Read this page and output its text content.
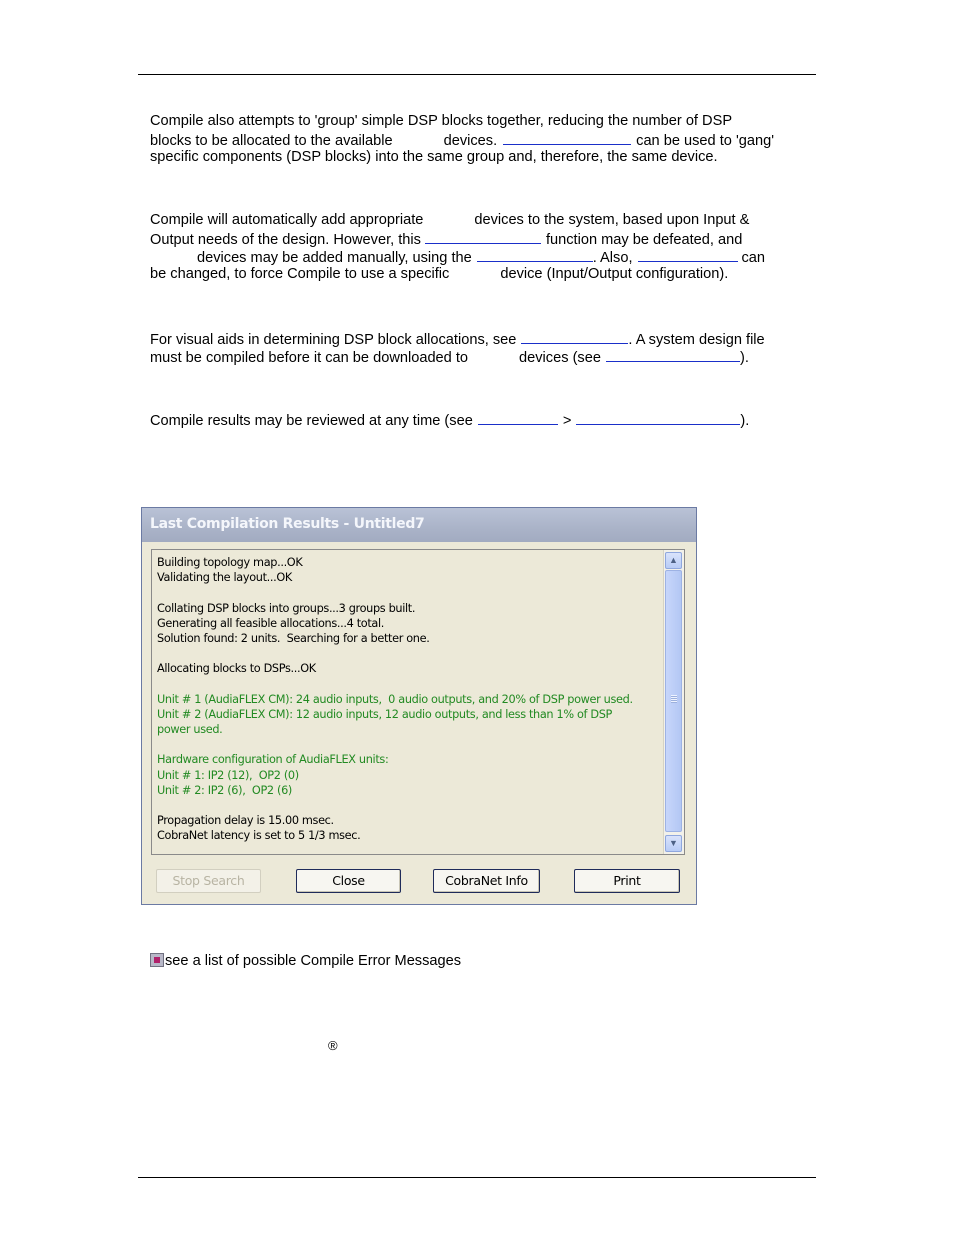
Compile also attempts to 'group' simple DSP blocks together, reducing the number of DSP
blocks to be allocated to the available	devices.	can be used to 'gang'
specific components (DSP blocks) into the same group and, therefore, the same device.
Compile will automatically add appropriate	devices to the system, based upon Input &
Output needs of the design. However, this	function may be defeated, and
devices may be added manually, using the	. Also,	can
be changed, to force Compile to use a specific	device (Input/Output configuration).
For visual aids in determining DSP block allocations, see	. A system design file
must be compiled before it can be downloaded to	devices (see	).
Compile results may be reviewed at any time (see	>	).
Last Compilation Results - Untitled7
Building topology map...OK
Validating the layout...OK

Collating DSP blocks into groups...3 groups built.
Generating all feasible allocations...4 total.
Solution found: 2 units.  Searching for a better one.

Allocating blocks to DSPs...OK

Unit # 1 (AudiaFLEX CM): 24 audio inputs,  0 audio outputs, and 20% of DSP power used.
Unit # 2 (AudiaFLEX CM): 12 audio inputs, 12 audio outputs, and less than 1% of DSP
power used.

Hardware configuration of AudiaFLEX units:
Unit # 1: IP2 (12),  OP2 (0)
Unit # 2: IP2 (6),  OP2 (6)

Propagation delay is 15.00 msec.
CobraNet latency is set to 5 1/3 msec.
▲
▼
Stop Search	Close	CobraNet Info	Print
see a list of possible Compile Error Messages
®
